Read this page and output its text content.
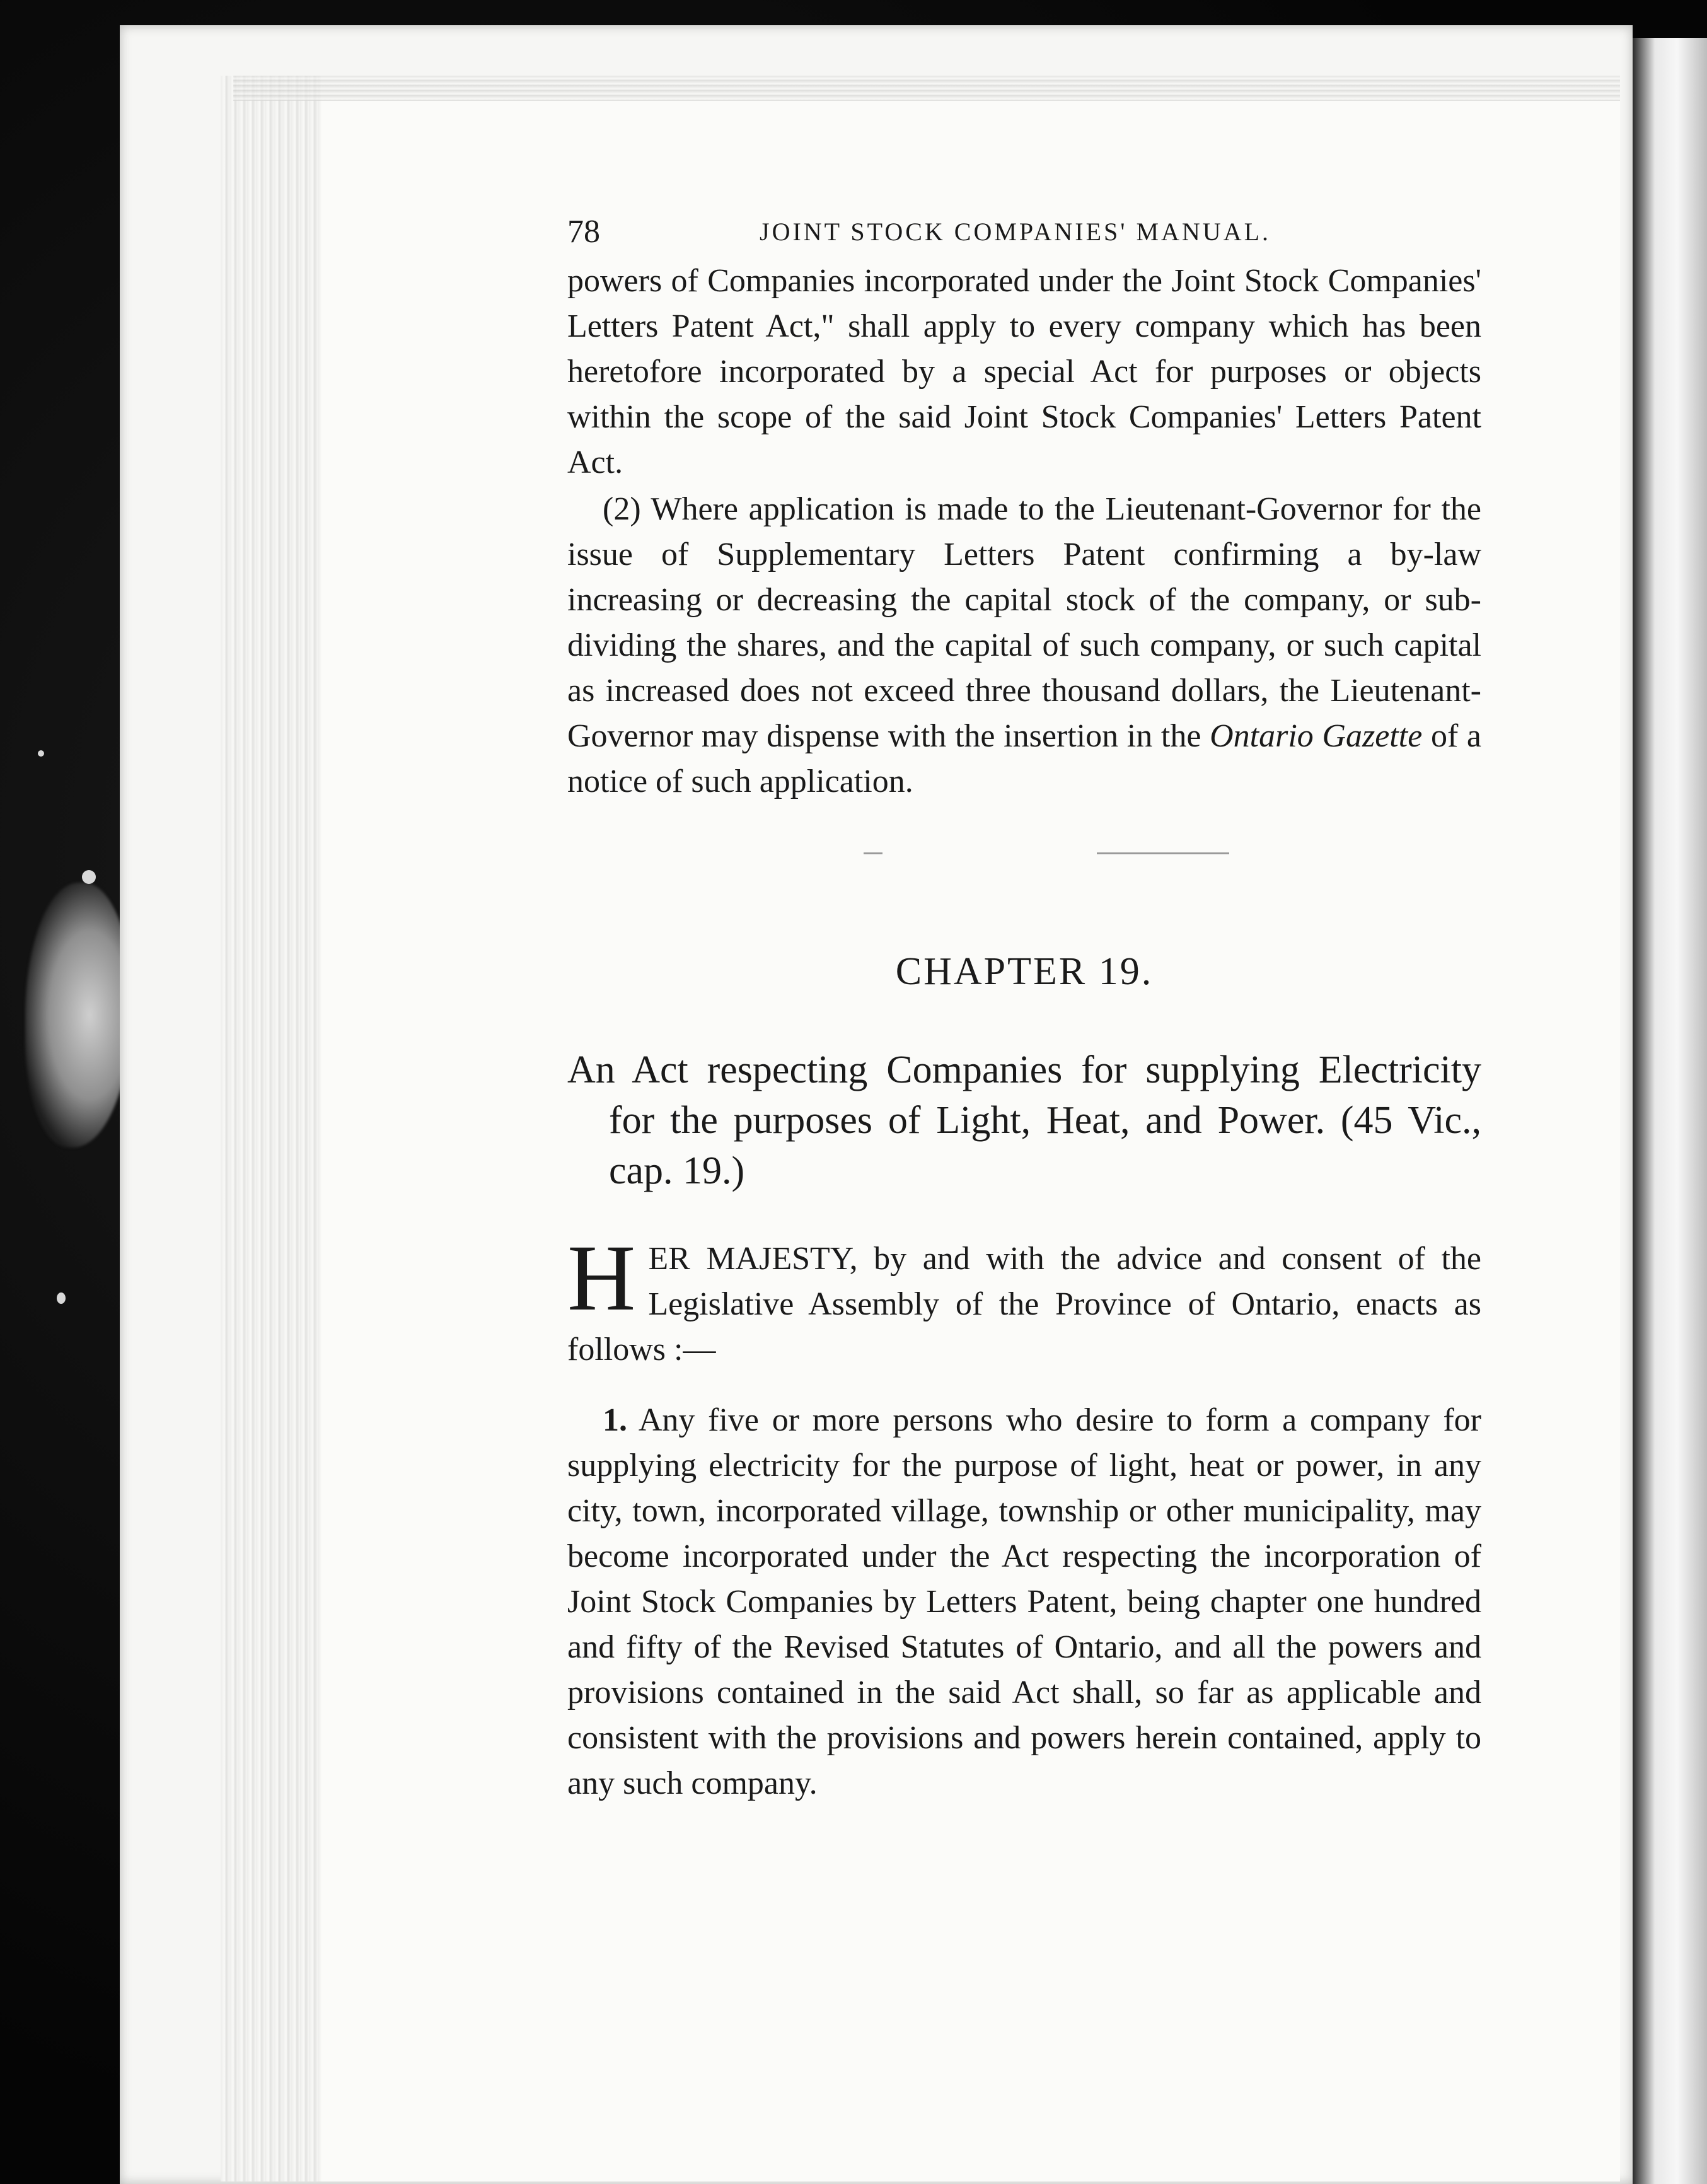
78	JOINT STOCK COMPANIES' MANUAL.

powers of Companies incorporated under the Joint Stock Companies' Letters Patent Act," shall apply to every company which has been heretofore incorporated by a special Act for purposes or objects within the scope of the said Joint Stock Companies' Letters Patent Act.

(2) Where application is made to the Lieutenant-Governor for the issue of Supplementary Letters Patent confirming a by-law increasing or decreasing the capital stock of the company, or sub-dividing the shares, and the capital of such company, or such capital as increased does not exceed three thousand dollars, the Lieutenant-Governor may dispense with the insertion in the Ontario Gazette of a notice of such application.

CHAPTER 19.

An Act respecting Companies for supplying Electricity for the purposes of Light, Heat, and Power. (45 Vic., cap. 19.)

HER MAJESTY, by and with the advice and consent of the Legislative Assembly of the Province of Ontario, enacts as follows :—

1. Any five or more persons who desire to form a company for supplying electricity for the purpose of light, heat or power, in any city, town, incorporated village, township or other municipality, may become incorporated under the Act respecting the incorporation of Joint Stock Companies by Letters Patent, being chapter one hundred and fifty of the Revised Statutes of Ontario, and all the powers and provisions contained in the said Act shall, so far as applicable and consistent with the provisions and powers herein contained, apply to any such company.
